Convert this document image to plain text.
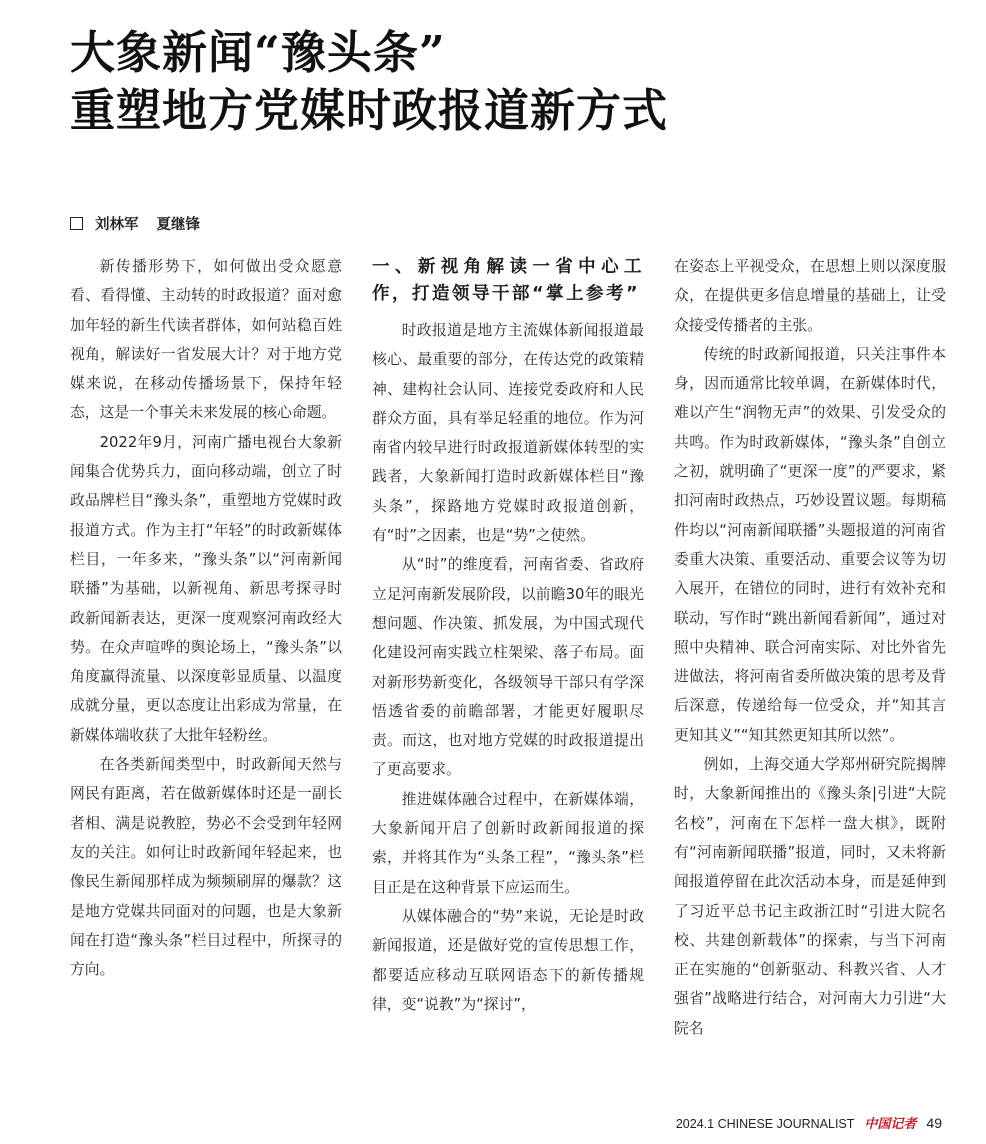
大象新闻“豫头条”
重塑地方党媒时政报道新方式
刘林军 夏继锋

新传播形势下，如何做出受众愿意看、看得懂、主动转的时政报道？面对愈加年轻的新生代读者群体，如何站稳百姓视角，解读好一省发展大计？对于地方党媒来说，在移动传播场景下，保持年轻态，这是一个事关未来发展的核心命题。

2022年9月，河南广播电视台大象新闻集合优势兵力，面向移动端，创立了时政品牌栏目“豫头条”，重塑地方党媒时政报道方式。作为主打“年轻”的时政新媒体栏目，一年多来，“豫头条”以“河南新闻联播”为基础，以新视角、新思考探寻时政新闻新表达，更深一度观察河南政经大势。在众声喧哗的舆论场上，“豫头条”以角度赢得流量、以深度彰显质量、以温度成就分量，更以态度让出彩成为常量，在新媒体端收获了大批年轻粉丝。

在各类新闻类型中，时政新闻天然与网民有距离，若在做新媒体时还是一副长者相、满是说教腔，势必不会受到年轻网友的关注。如何让时政新闻年轻起来，也像民生新闻那样成为频频刷屏的爆款？这是地方党媒共同面对的问题，也是大象新闻在打造“豫头条”栏目过程中，所探寻的方向。

一、新视角解读一省中心工作，打造领导干部“掌上参考”

时政报道是地方主流媒体新闻报道最核心、最重要的部分，在传达党的政策精神、建构社会认同、连接党委政府和人民群众方面，具有举足轻重的地位。作为河南省内较早进行时政报道新媒体转型的实践者，大象新闻打造时政新媒体栏目“豫头条”，探路地方党媒时政报道创新，有“时”之因素，也是“势”之使然。

从“时”的维度看，河南省委、省政府立足河南新发展阶段，以前瞻30年的眼光想问题、作决策、抓发展，为中国式现代化建设河南实践立柱架梁、落子布局。面对新形势新变化，各级领导干部只有学深悟透省委的前瞻部署，才能更好履职尽责。而这，也对地方党媒的时政报道提出了更高要求。

推进媒体融合过程中，在新媒体端，大象新闻开启了创新时政新闻报道的探索，并将其作为“头条工程”，“豫头条”栏目正是在这种背景下应运而生。

从媒体融合的“势”来说，无论是时政新闻报道，还是做好党的宣传思想工作，都要适应移动互联网语态下的新传播规律，变“说教”为“探讨”，

在姿态上平视受众，在思想上则以深度服众，在提供更多信息增量的基础上，让受众接受传播者的主张。

传统的时政新闻报道，只关注事件本身，因而通常比较单调，在新媒体时代，难以产生“润物无声”的效果、引发受众的共鸣。作为时政新媒体，“豫头条”自创立之初，就明确了“更深一度”的严要求，紧扣河南时政热点，巧妙设置议题。每期稿件均以“河南新闻联播”头题报道的河南省委重大决策、重要活动、重要会议等为切入展开，在错位的同时，进行有效补充和联动，写作时“跳出新闻看新闻”，通过对照中央精神、联合河南实际、对比外省先进做法，将河南省委所做决策的思考及背后深意，传递给每一位受众，并“知其言更知其义”“知其然更知其所以然”。

例如，上海交通大学郑州研究院揭牌时，大象新闻推出的《豫头条|引进“大院名校”，河南在下怎样一盘大棋》，既附有“河南新闻联播”报道，同时，又未将新闻报道停留在此次活动本身，而是延伸到了习近平总书记主政浙江时“引进大院名校、共建创新载体”的探索，与当下河南正在实施的“创新驱动、科教兴省、人才强省”战略进行结合，对河南大力引进“大院名

2024.1 CHINESE JOURNALIST 中国记者 49
